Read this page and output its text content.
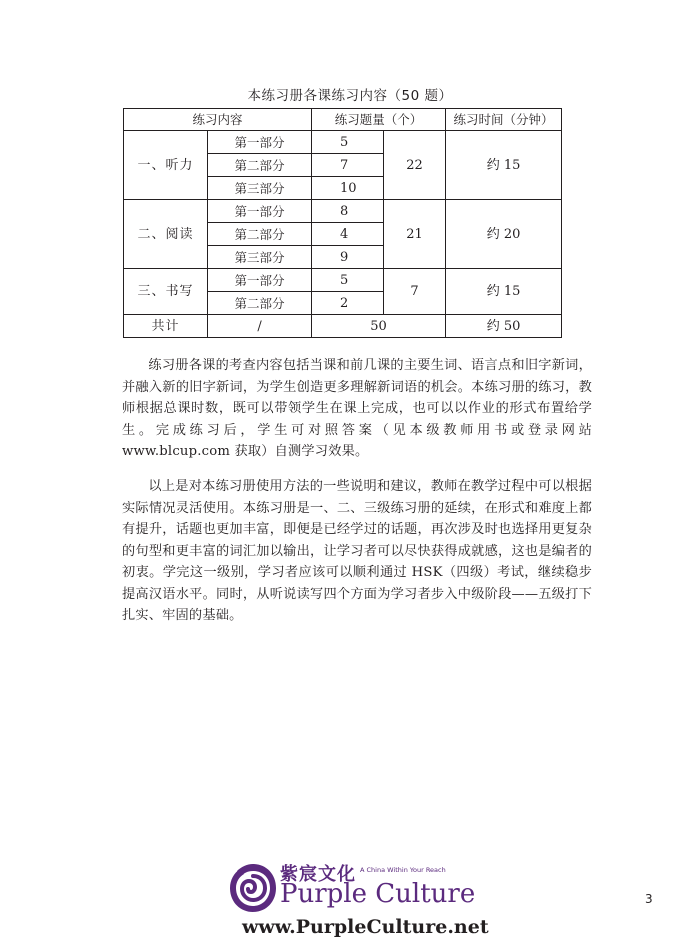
本练习册各课练习内容（50 题）
练习内容		练习题量（个）		练习时间（分钟）
一、听力	第一部分	5	22	约 15
	第二部分	7		
	第三部分	10		
二、阅读	第一部分	8	21	约 20
	第二部分	4		
	第三部分	9		
三、书写	第一部分	5	7	约 15
	第二部分	2		
共计	/	50		约 50

练习册各课的考查内容包括当课和前几课的主要生词、语言点和旧字新词，并融入新的旧字新词，为学生创造更多理解新词语的机会。本练习册的练习，教师根据总课时数，既可以带领学生在课上完成，也可以以作业的形式布置给学生。完成练习后，学生可对照答案（见本级教师用书或登录网站 www.blcup.com 获取）自测学习效果。

以上是对本练习册使用方法的一些说明和建议，教师在教学过程中可以根据实际情况灵活使用。本练习册是一、二、三级练习册的延续，在形式和难度上都有提升，话题也更加丰富，即便是已经学过的话题，再次涉及时也选择用更复杂的句型和更丰富的词汇加以输出，让学习者可以尽快获得成就感，这也是编者的初衷。学完这一级别，学习者应该可以顺利通过 HSK（四级）考试，继续稳步提高汉语水平。同时，从听说读写四个方面为学习者步入中级阶段——五级打下扎实、牢固的基础。

紫宸文化 A China Within Your Reach
Purple Culture
www.PurpleCulture.net
3
